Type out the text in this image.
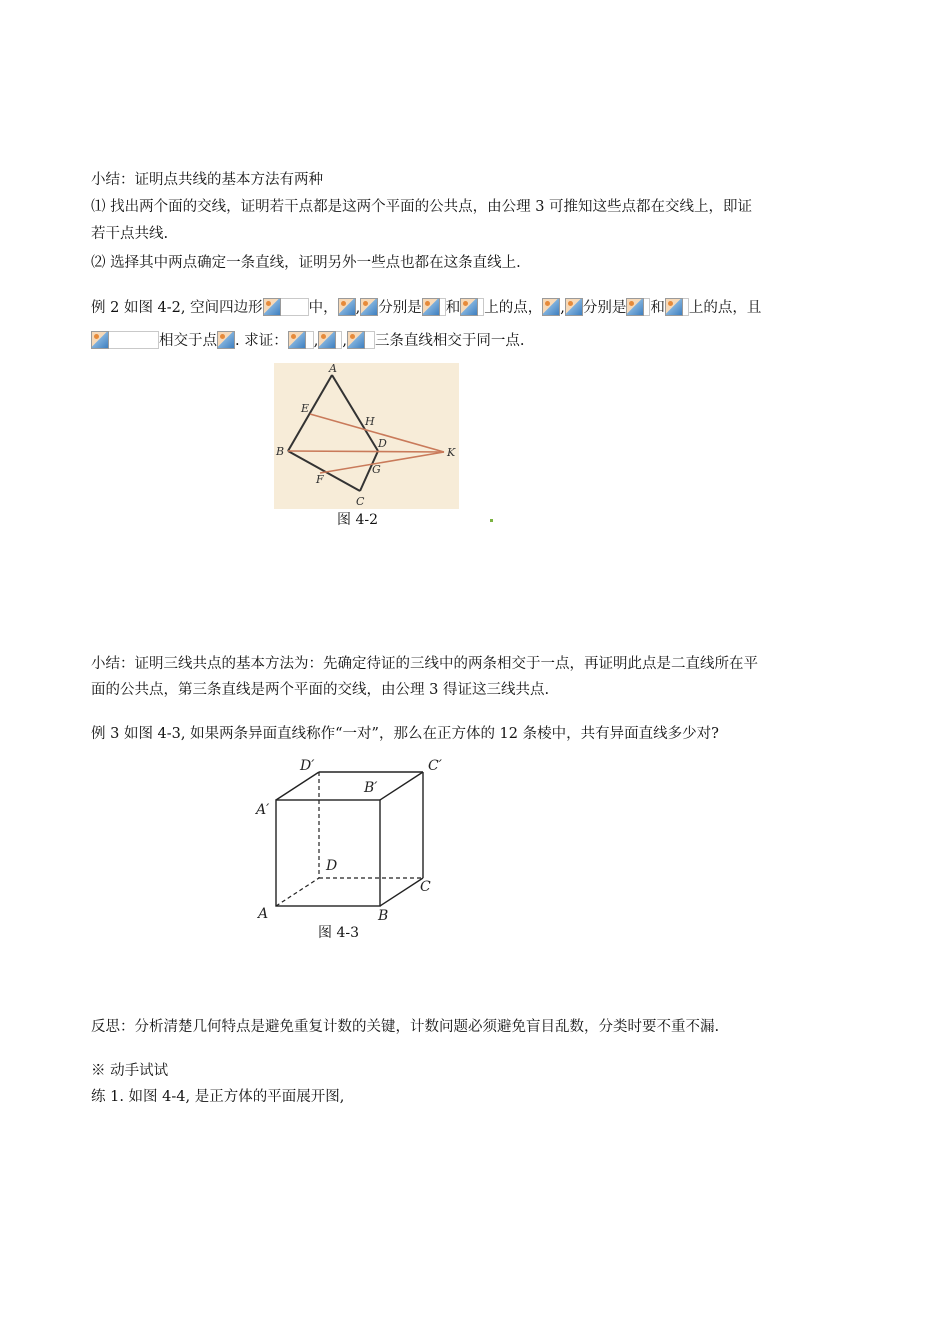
小结：证明点共线的基本方法有两种
⑴ 找出两个面的交线，证明若干点都是这两个平面的公共点，由公理 3 可推知这些点都在交线上，即证
若干点共线.
⑵ 选择其中两点确定一条直线，证明另外一些点也都在这条直线上.
例 2 如图 4-2, 空间四边形	中， , 分别是 和 上的点， , 分别是 和 上的点，且
相交于点 . 求证： , , 三条直线相交于同一点.
A
E
H
D
B	K
G
F
C
图 4-2
小结：证明三线共点的基本方法为：先确定待证的三线中的两条相交于一点，再证明此点是二直线所在平
面的公共点，第三条直线是两个平面的交线，由公理 3 得证这三线共点.
例 3 如图 4-3, 如果两条异面直线称作“一对”，那么在正方体的 12 条棱中，共有异面直线多少对?
D′	C′
B′
A′
D
C
A	B
图 4-3
反思：分析清楚几何特点是避免重复计数的关键，计数问题必须避免盲目乱数，分类时要不重不漏.
※ 动手试试
练 1. 如图 4-4, 是正方体的平面展开图,
